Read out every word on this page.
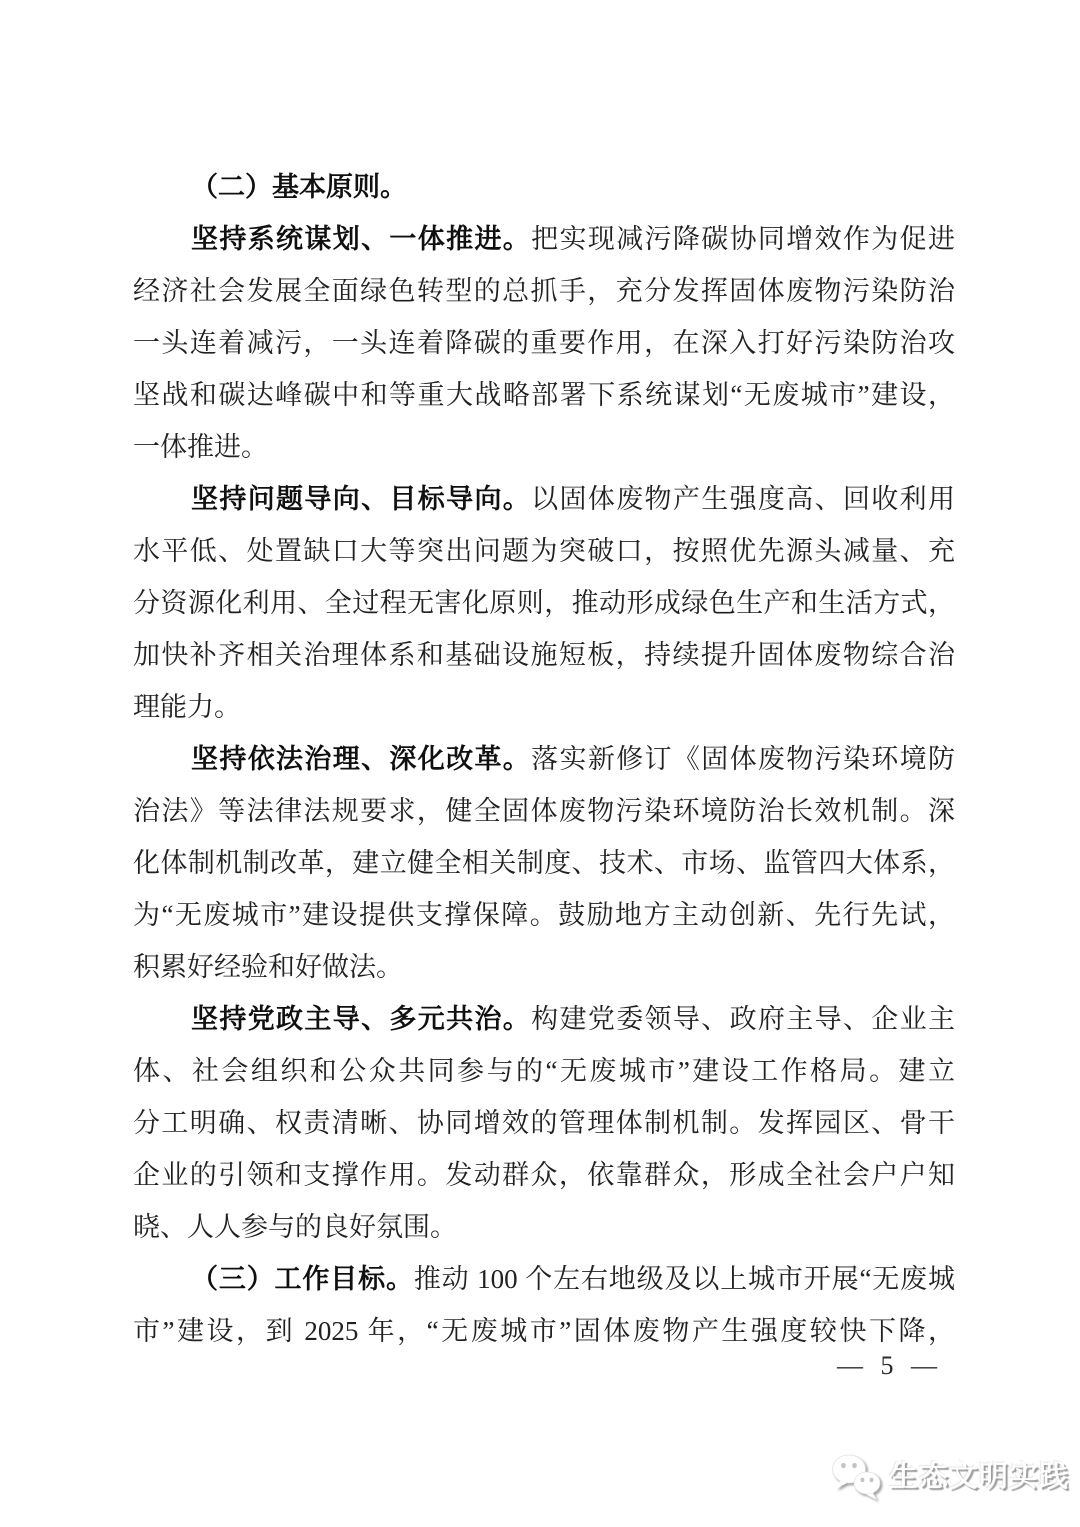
（二）基本原则。
坚持系统谋划、一体推进。把实现减污降碳协同增效作为促进
经济社会发展全面绿色转型的总抓手，充分发挥固体废物污染防治
一头连着减污，一头连着降碳的重要作用，在深入打好污染防治攻
坚战和碳达峰碳中和等重大战略部署下系统谋划“无废城市”建设，
一体推进。
坚持问题导向、目标导向。以固体废物产生强度高、回收利用
水平低、处置缺口大等突出问题为突破口，按照优先源头减量、充
分资源化利用、全过程无害化原则，推动形成绿色生产和生活方式，
加快补齐相关治理体系和基础设施短板，持续提升固体废物综合治
理能力。
坚持依法治理、深化改革。落实新修订《固体废物污染环境防
治法》等法律法规要求，健全固体废物污染环境防治长效机制。深
化体制机制改革，建立健全相关制度、技术、市场、监管四大体系，
为“无废城市”建设提供支撑保障。鼓励地方主动创新、先行先试，
积累好经验和好做法。
坚持党政主导、多元共治。构建党委领导、政府主导、企业主
体、社会组织和公众共同参与的“无废城市”建设工作格局。建立
分工明确、权责清晰、协同增效的管理体制机制。发挥园区、骨干
企业的引领和支撑作用。发动群众，依靠群众，形成全社会户户知
晓、人人参与的良好氛围。
（三）工作目标。推动 100 个左右地级及以上城市开展“无废城
市”建设，到 2025 年，“无废城市”固体废物产生强度较快下降，
— 5 —
生态文明实践
